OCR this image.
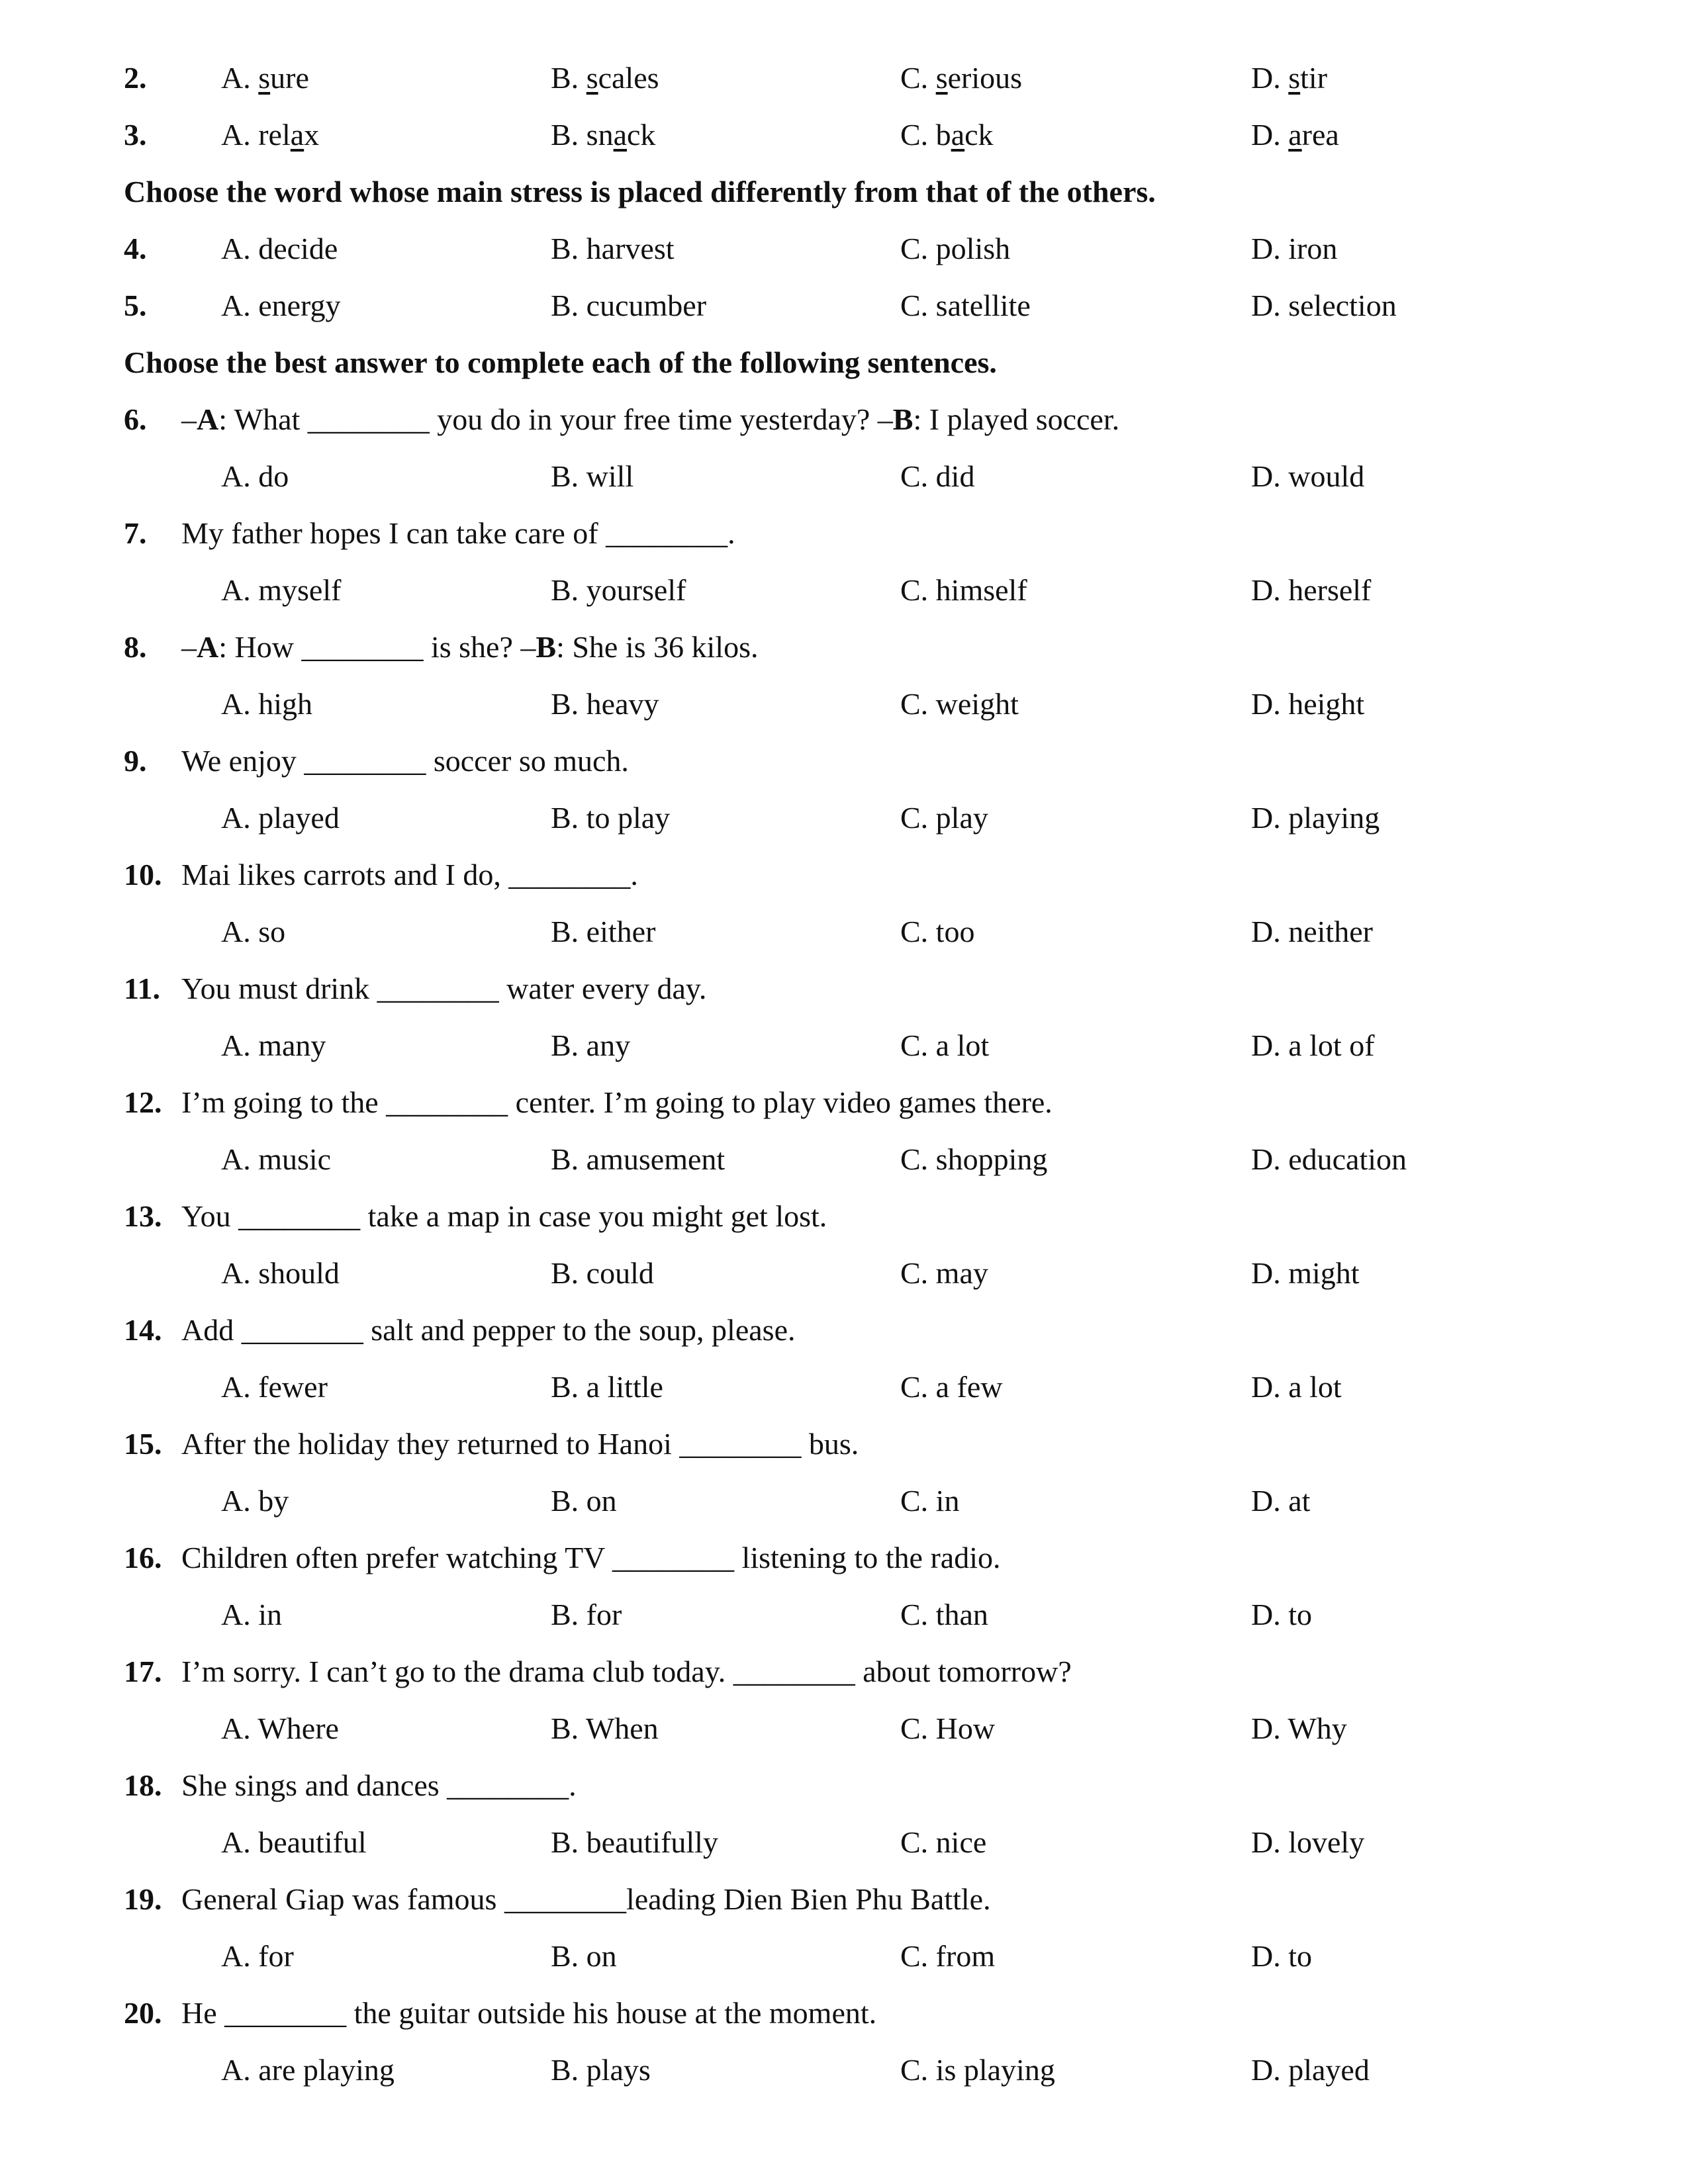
2. A. sure	B. scales	C. serious	D. stir
3. A. relax	B. snack	C. back	D. area
Choose the word whose main stress is placed differently from that of the others.
4. A. decide	B. harvest	C. polish	D. iron
5. A. energy	B. cucumber	C. satellite	D. selection
Choose the best answer to complete each of the following sentences.
6. –A: What ________ you do in your free time yesterday? –B: I played soccer.
A. do	B. will	C. did	D. would
7. My father hopes I can take care of ________.
A. myself	B. yourself	C. himself	D. herself
8. –A: How ________ is she? –B: She is 36 kilos.
A. high	B. heavy	C. weight	D. height
9. We enjoy ________ soccer so much.
A. played	B. to play	C. play	D. playing
10. Mai likes carrots and I do, ________.
A. so	B. either	C. too	D. neither
11. You must drink ________ water every day.
A. many	B. any	C. a lot	D. a lot of
12. I’m going to the ________ center. I’m going to play video games there.
A. music	B. amusement	C. shopping	D. education
13. You ________ take a map in case you might get lost.
A. should	B. could	C. may	D. might
14. Add ________ salt and pepper to the soup, please.
A. fewer	B. a little	C. a few	D. a lot
15. After the holiday they returned to Hanoi ________ bus.
A. by	B. on	C. in	D. at
16. Children often prefer watching TV ________ listening to the radio.
A. in	B. for	C. than	D. to
17. I’m sorry. I can’t go to the drama club today. ________ about tomorrow?
A. Where	B. When	C. How	D. Why
18. She sings and dances ________.
A. beautiful	B. beautifully	C. nice	D. lovely
19. General Giap was famous ________leading Dien Bien Phu Battle.
A. for	B. on	C. from	D. to
20. He ________ the guitar outside his house at the moment.
A. are playing	B. plays	C. is playing	D. played
